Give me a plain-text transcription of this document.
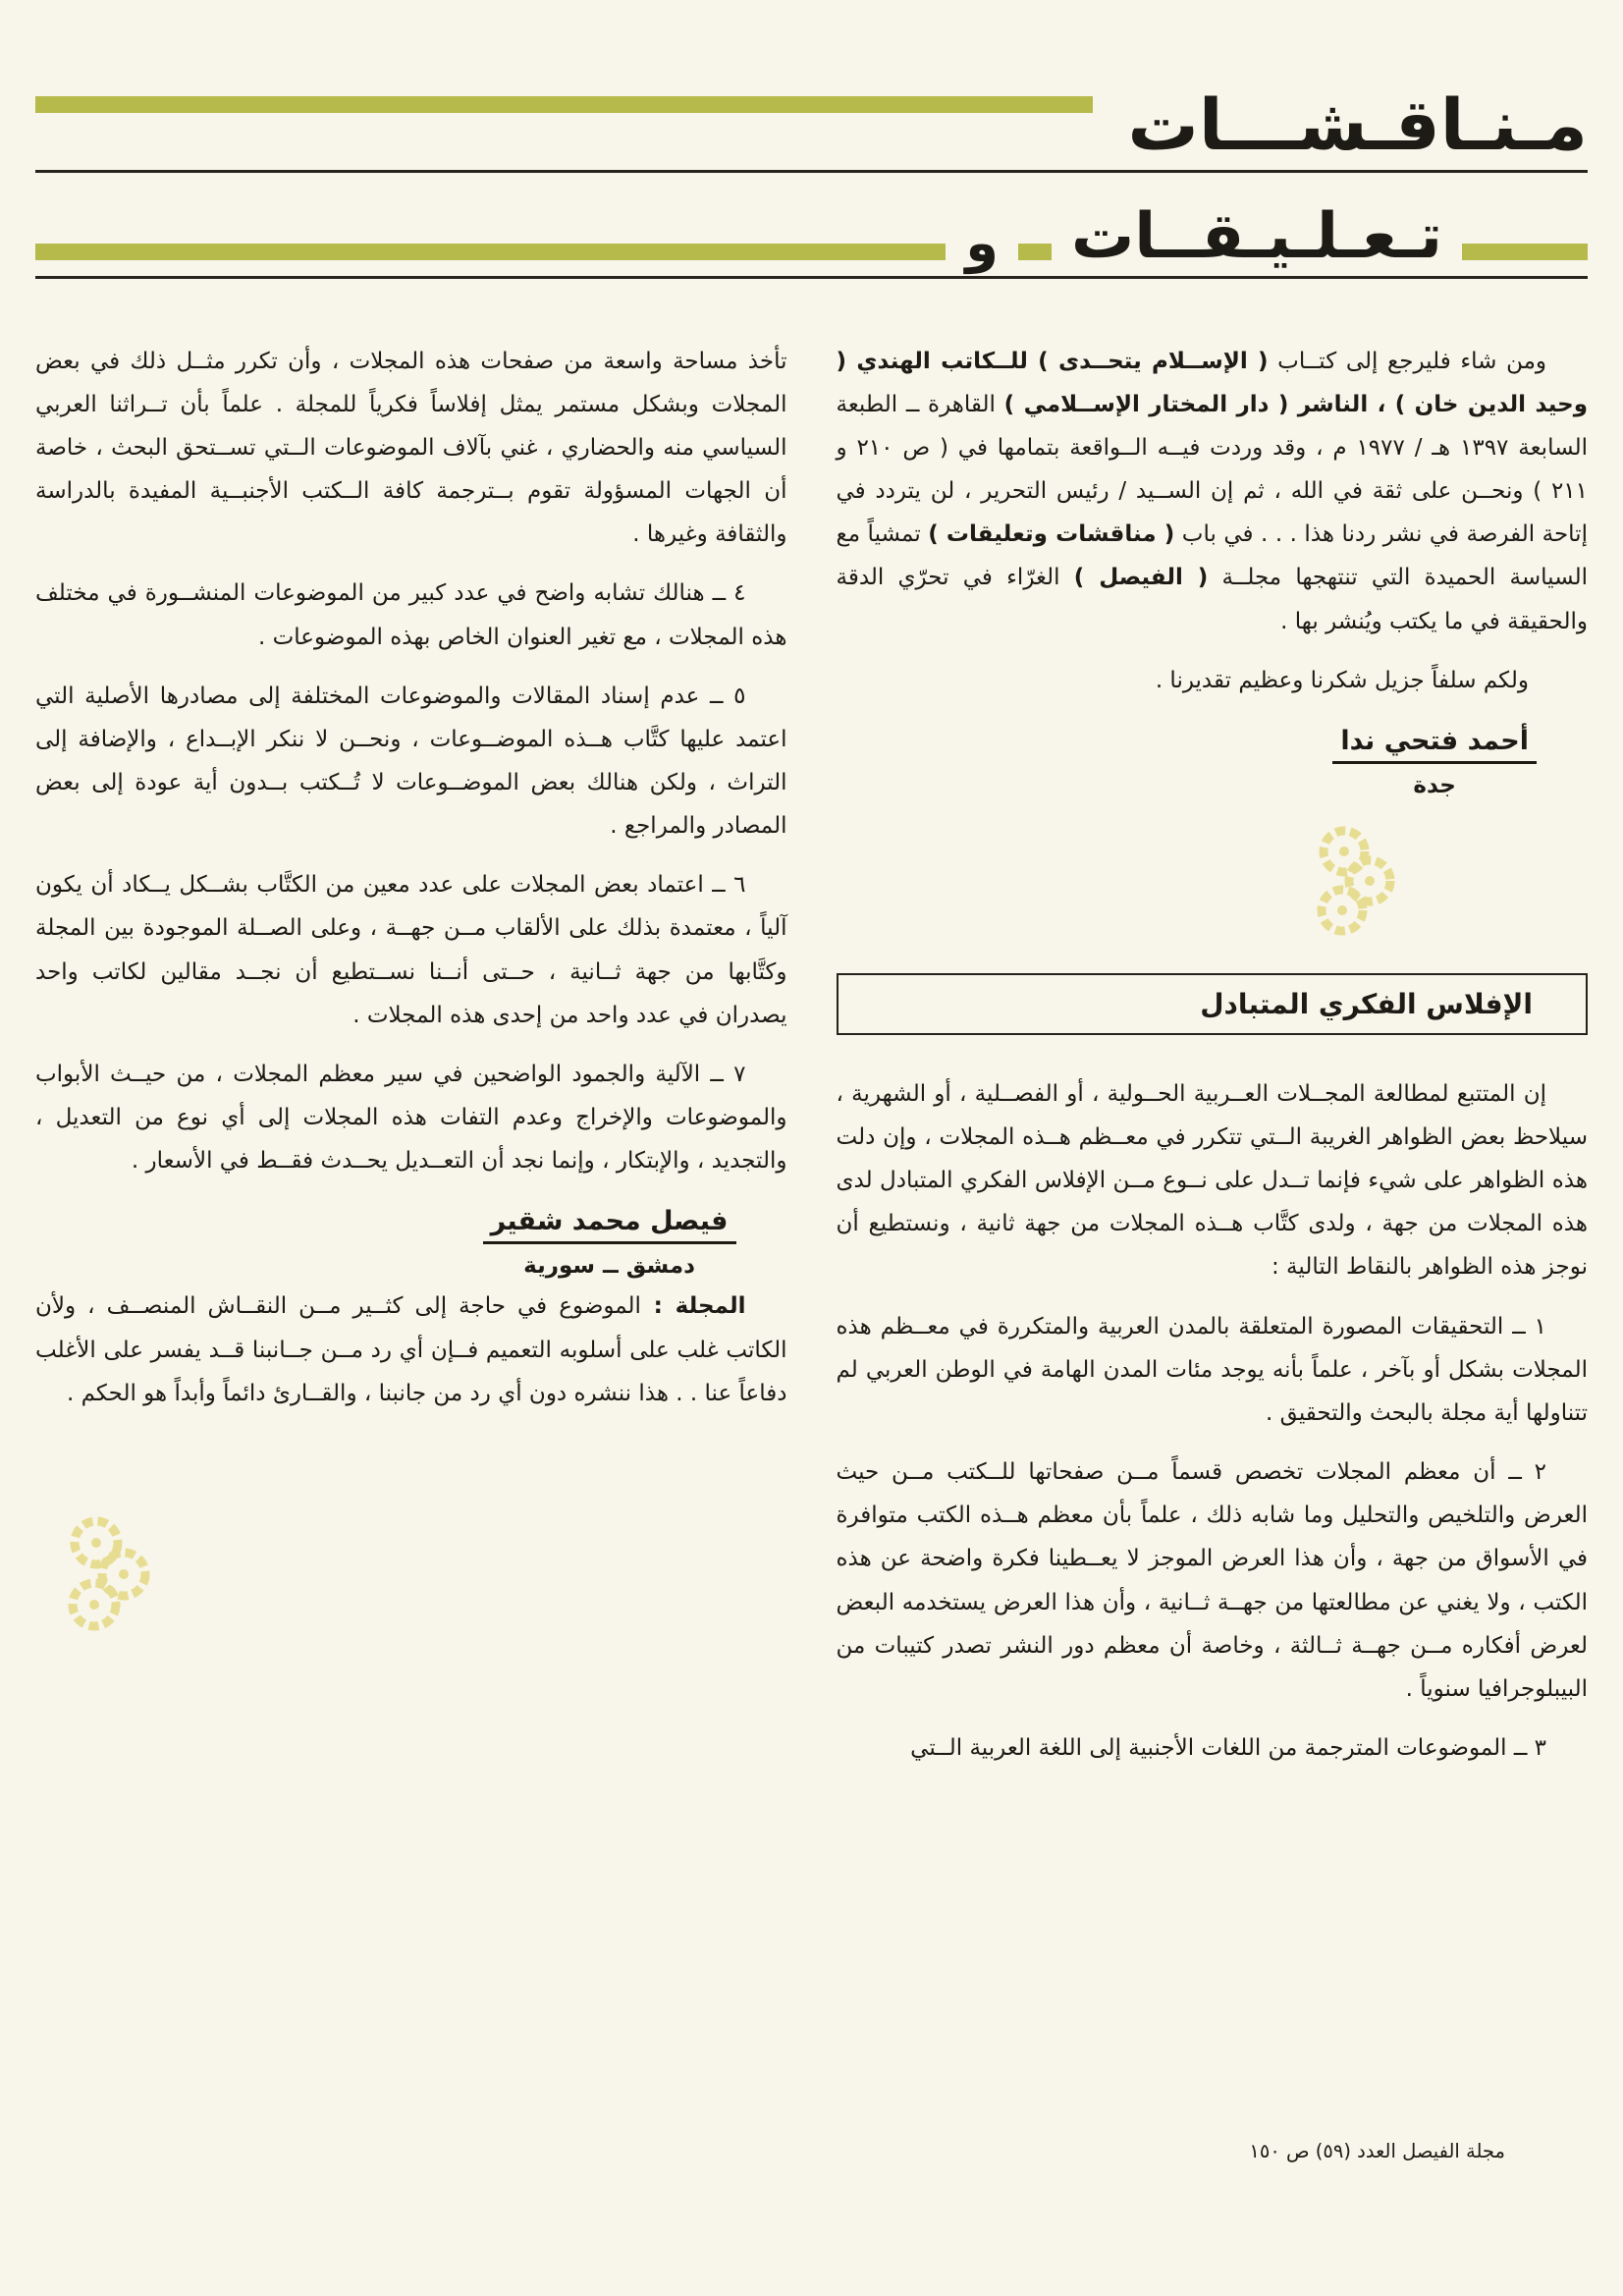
مـنـاقـشـــات
تـعـلـيـقــات
و

ومن شاء فليرجع إلى كتــاب ( الإســلام يتحــدى ) للــكاتب الهندي ( وحيد الدين خان ) ، الناشر ( دار المختار الإســلامي ) القاهرة ــ الطبعة السابعة ١٣٩٧ هـ / ١٩٧٧ م ، وقد وردت فيــه الــواقعة بتمامها في ( ص ٢١٠ و ٢١١ ) ونحــن على ثقة في الله ، ثم إن الســيد / رئيس التحرير ، لن يتردد في إتاحة الفرصة في نشر ردنا هذا . . . في باب ( مناقشات وتعليقات ) تمشياً مع السياسة الحميدة التي تنتهجها مجلــة ( الفيصل ) الغرّاء في تحرّي الدقة والحقيقة في ما يكتب ويُنشر بها .

ولكم سلفاً جزيل شكرنا وعظيم تقديرنا .

أحمد فتحي ندا
جدة
الإفلاس الفكري المتبادل

إن المتتبع لمطالعة المجــلات العــربية الحــولية ، أو الفصــلية ، أو الشهرية ، سيلاحظ بعض الظواهر الغريبة الــتي تتكرر في معــظم هــذه المجلات ، وإن دلت هذه الظواهر على شيء فإنما تــدل على نــوع مــن الإفلاس الفكري المتبادل لدى هذه المجلات من جهة ، ولدى كتَّاب هــذه المجلات من جهة ثانية ، ونستطيع أن نوجز هذه الظواهر بالنقاط التالية :

١ ــ التحقيقات المصورة المتعلقة بالمدن العربية والمتكررة في معــظم هذه المجلات بشكل أو بآخر ، علماً بأنه يوجد مئات المدن الهامة في الوطن العربي لم تتناولها أية مجلة بالبحث والتحقيق .

٢ ــ أن معظم المجلات تخصص قسماً مــن صفحاتها للــكتب مــن حيث العرض والتلخيص والتحليل وما شابه ذلك ، علماً بأن معظم هــذه الكتب متوافرة في الأسواق من جهة ، وأن هذا العرض الموجز لا يعــطينا فكرة واضحة عن هذه الكتب ، ولا يغني عن مطالعتها من جهــة ثــانية ، وأن هذا العرض يستخدمه البعض لعرض أفكاره مــن جهــة ثــالثة ، وخاصة أن معظم دور النشر تصدر كتيبات من البيبلوجرافيا سنوياً .

٣ ــ الموضوعات المترجمة من اللغات الأجنبية إلى اللغة العربية الــتي

تأخذ مساحة واسعة من صفحات هذه المجلات ، وأن تكرر مثــل ذلك في بعض المجلات وبشكل مستمر يمثل إفلاساً فكرياً للمجلة . علماً بأن تــراثنا العربي السياسي منه والحضاري ، غني بآلاف الموضوعات الــتي تســتحق البحث ، خاصة أن الجهات المسؤولة تقوم بــترجمة كافة الــكتب الأجنبــية المفيدة بالدراسة والثقافة وغيرها .

٤ ــ هنالك تشابه واضح في عدد كبير من الموضوعات المنشــورة في مختلف هذه المجلات ، مع تغير العنوان الخاص بهذه الموضوعات .

٥ ــ عدم إسناد المقالات والموضوعات المختلفة إلى مصادرها الأصلية التي اعتمد عليها كتَّاب هــذه الموضــوعات ، ونحــن لا ننكر الإبــداع ، والإضافة إلى التراث ، ولكن هنالك بعض الموضــوعات لا تُــكتب بــدون أية عودة إلى بعض المصادر والمراجع .

٦ ــ اعتماد بعض المجلات على عدد معين من الكتَّاب بشــكل يــكاد أن يكون آلياً ، معتمدة بذلك على الألقاب مــن جهــة ، وعلى الصــلة الموجودة بين المجلة وكتَّابها من جهة ثــانية ، حــتى أنــنا نســتطيع أن نجــد مقالين لكاتب واحد يصدران في عدد واحد من إحدى هذه المجلات .

٧ ــ الآلية والجمود الواضحين في سير معظم المجلات ، من حيــث الأبواب والموضوعات والإخراج وعدم التفات هذه المجلات إلى أي نوع من التعديل ، والتجديد ، والإبتكار ، وإنما نجد أن التعــديل يحــدث فقــط في الأسعار .

فيصل محمد شقير
دمشق ــ سورية

المجلة : الموضوع في حاجة إلى كثــير مــن النقــاش المنصــف ، ولأن الكاتب غلب على أسلوبه التعميم فــإن أي رد مــن جــانبنا قــد يفسر على الأغلب دفاعاً عنا . . هذا ننشره دون أي رد من جانبنا ، والقــارئ دائماً وأبداً هو الحكم .

مجلة الفيصل العدد (٥٩) ص ١٥٠
